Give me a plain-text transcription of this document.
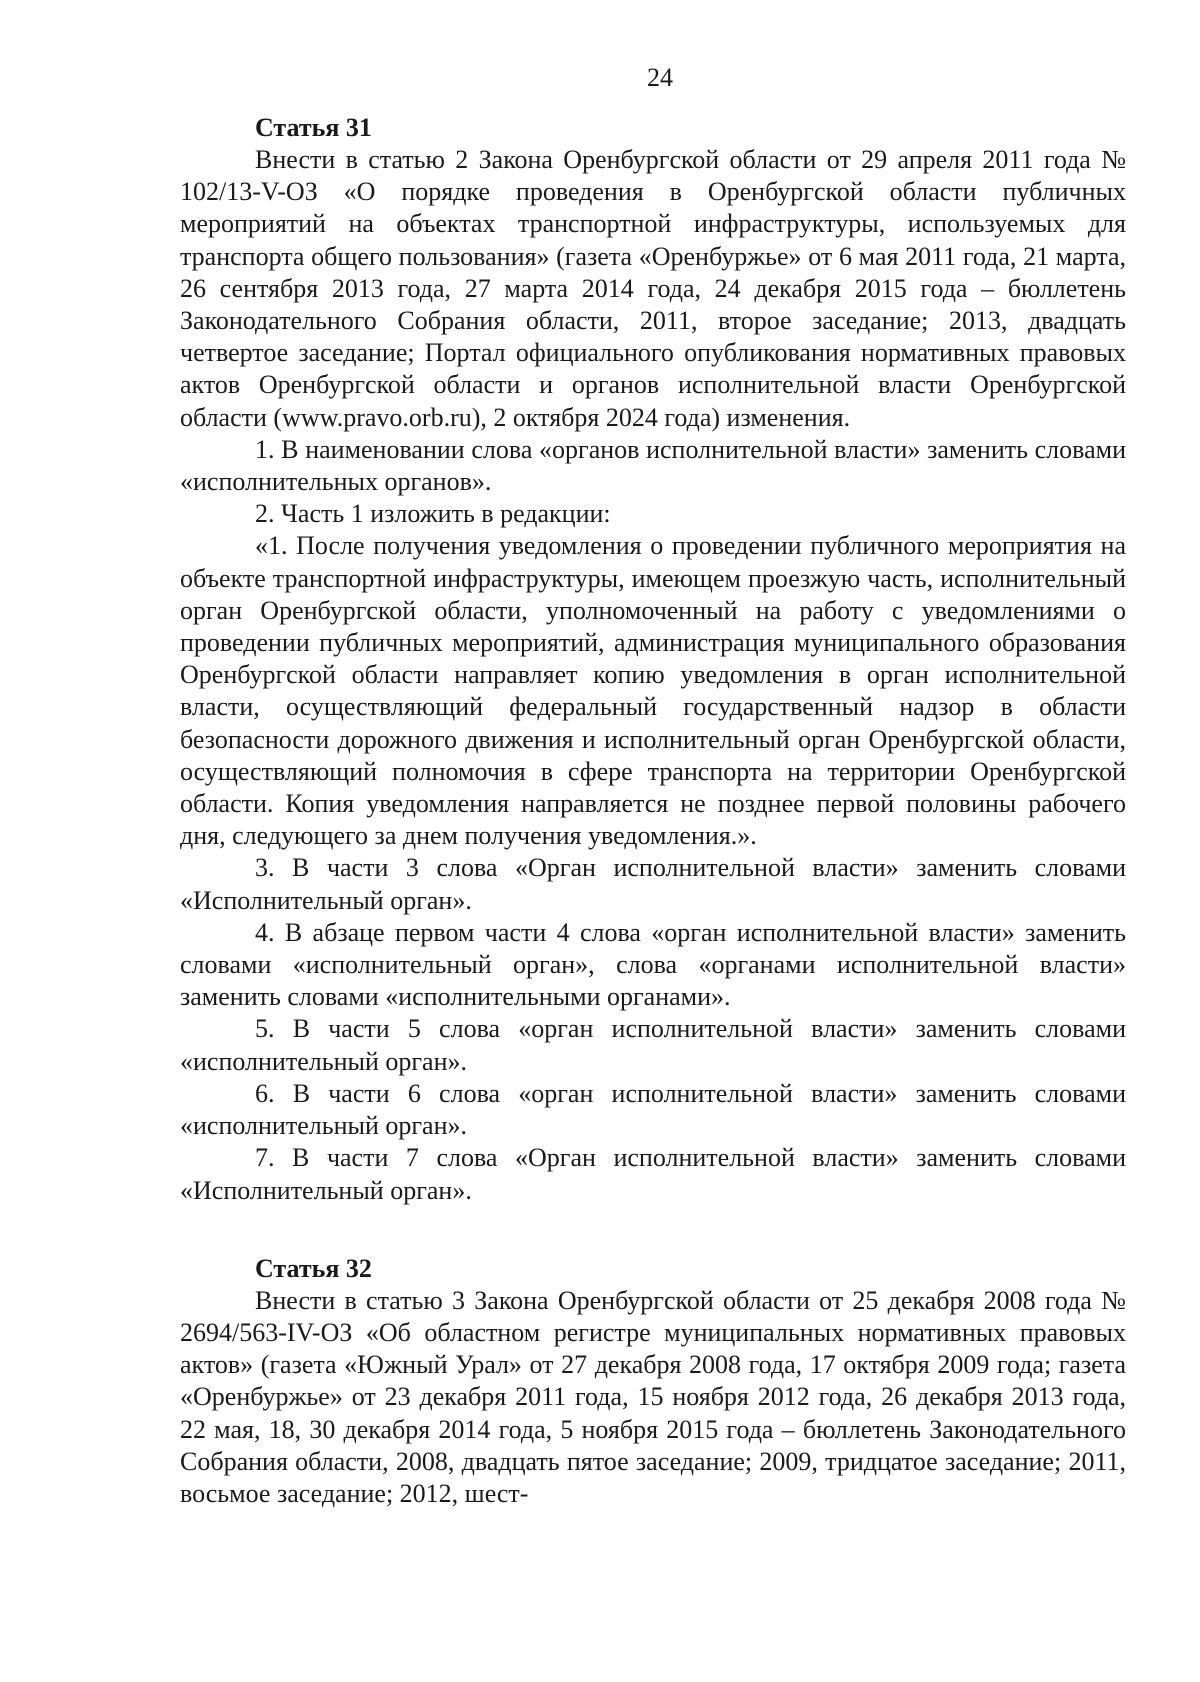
24

Статья 31

Внести в статью 2 Закона Оренбургской области от 29 апреля 2011 года № 102/13-V-ОЗ «О порядке проведения в Оренбургской области публичных мероприятий на объектах транспортной инфраструктуры, используемых для транспорта общего пользования» (газета «Оренбуржье» от 6 мая 2011 года, 21 марта, 26 сентября 2013 года, 27 марта 2014 года, 24 декабря 2015 года – бюллетень Законодательного Собрания области, 2011, второе заседание; 2013, двадцать четвертое заседание; Портал официального опубликования нормативных правовых актов Оренбургской области и органов исполнительной власти Оренбургской области (www.pravo.orb.ru), 2 октября 2024 года) изменения.

1. В наименовании слова «органов исполнительной власти» заменить словами «исполнительных органов».

2. Часть 1 изложить в редакции:

«1. После получения уведомления о проведении публичного мероприятия на объекте транспортной инфраструктуры, имеющем проезжую часть, исполнительный орган Оренбургской области, уполномоченный на работу с уведомлениями о проведении публичных мероприятий, администрация муниципального образования Оренбургской области направляет копию уведомления в орган исполнительной власти, осуществляющий федеральный государственный надзор в области безопасности дорожного движения и исполнительный орган Оренбургской области, осуществляющий полномочия в сфере транспорта на территории Оренбургской области. Копия уведомления направляется не позднее первой половины рабочего дня, следующего за днем получения уведомления.».

3. В части 3 слова «Орган исполнительной власти» заменить словами «Исполнительный орган».

4. В абзаце первом части 4 слова «орган исполнительной власти» заменить словами «исполнительный орган», слова «органами исполнительной власти» заменить словами «исполнительными органами».

5. В части 5 слова «орган исполнительной власти» заменить словами «исполнительный орган».

6. В части 6 слова «орган исполнительной власти» заменить словами «исполнительный орган».

7. В части 7 слова «Орган исполнительной власти» заменить словами «Исполнительный орган».

Статья 32

Внести в статью 3 Закона Оренбургской области от 25 декабря 2008 года № 2694/563-IV-ОЗ «Об областном регистре муниципальных нормативных правовых актов» (газета «Южный Урал» от 27 декабря 2008 года, 17 октября 2009 года; газета «Оренбуржье» от 23 декабря 2011 года, 15 ноября 2012 года, 26 декабря 2013 года, 22 мая, 18, 30 декабря 2014 года, 5 ноября 2015 года – бюллетень Законодательного Собрания области, 2008, двадцать пятое заседание; 2009, тридцатое заседание; 2011, восьмое заседание; 2012, шест-
